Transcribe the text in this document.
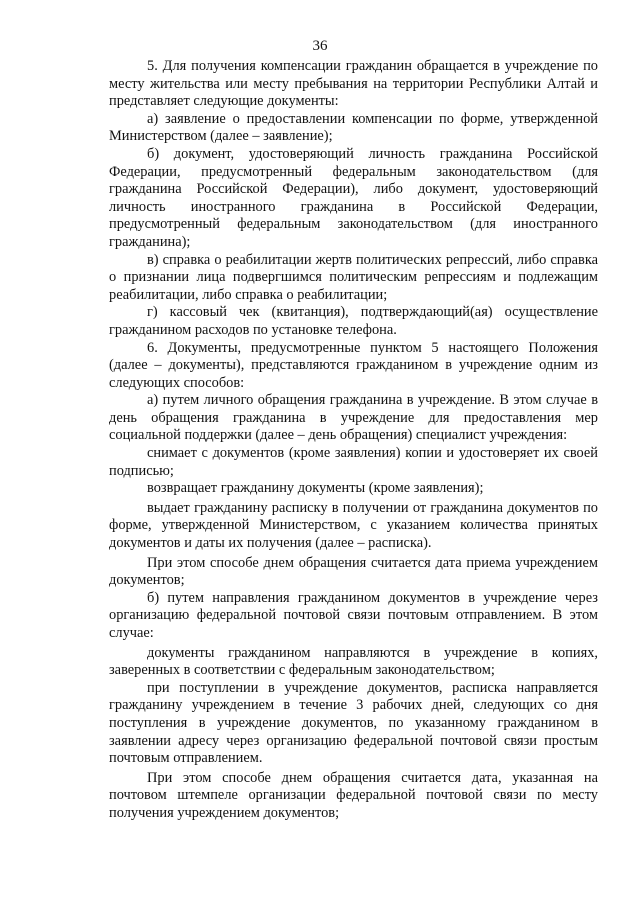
36

5. Для получения компенсации гражданин обращается в учреждение по месту жительства или месту пребывания на территории Республики Алтай и представляет следующие документы:

а) заявление о предоставлении компенсации по форме, утвержденной Министерством (далее – заявление);

б) документ, удостоверяющий личность гражданина Российской Федерации, предусмотренный федеральным законодательством (для гражданина Российской Федерации), либо документ, удостоверяющий личность иностранного гражданина в Российской Федерации, предусмотренный федеральным законодательством (для иностранного гражданина);

в) справка о реабилитации жертв политических репрессий, либо справка о признании лица подвергшимся политическим репрессиям и подлежащим реабилитации, либо справка о реабилитации;

г) кассовый чек (квитанция), подтверждающий(ая) осуществление гражданином расходов по установке телефона.

6. Документы, предусмотренные пунктом 5 настоящего Положения (далее – документы), представляются гражданином в учреждение одним из следующих способов:

а) путем личного обращения гражданина в учреждение. В этом случае в день обращения гражданина в учреждение для предоставления мер социальной поддержки (далее – день обращения) специалист учреждения:

снимает с документов (кроме заявления) копии и удостоверяет их своей подписью;

возвращает гражданину документы (кроме заявления);

выдает гражданину расписку в получении от гражданина документов по форме, утвержденной Министерством, с указанием количества принятых документов и даты их получения (далее – расписка).

При этом способе днем обращения считается дата приема учреждением документов;

б) путем направления гражданином документов в учреждение через организацию федеральной почтовой связи почтовым отправлением. В этом случае:

документы гражданином направляются в учреждение в копиях, заверенных в соответствии с федеральным законодательством;

при поступлении в учреждение документов, расписка направляется гражданину учреждением в течение 3 рабочих дней, следующих со дня поступления в учреждение документов, по указанному гражданином в заявлении адресу через организацию федеральной почтовой связи простым почтовым отправлением.

При этом способе днем обращения считается дата, указанная на почтовом штемпеле организации федеральной почтовой связи по месту получения учреждением документов;
